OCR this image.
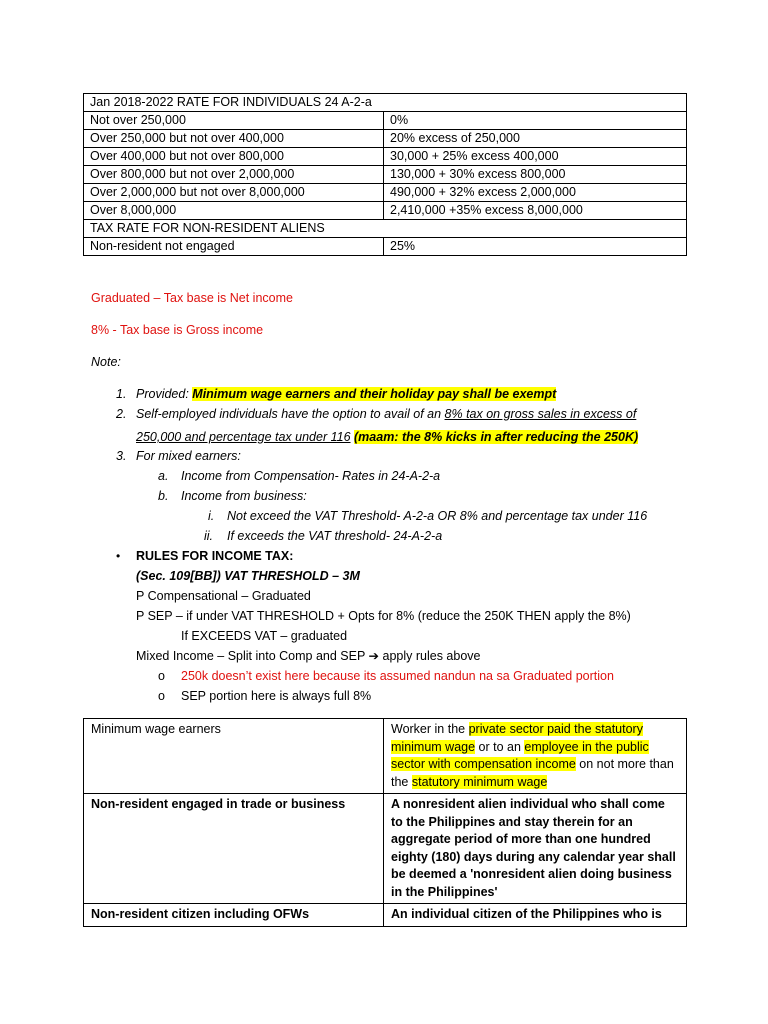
Jan 2018-2022 RATE FOR INDIVIDUALS 24 A-2-a	
Not over 250,000	0%
Over 250,000 but not over 400,000	20% excess of 250,000
Over 400,000 but not over 800,000	30,000 + 25% excess 400,000
Over 800,000 but not over 2,000,000	130,000 + 30% excess 800,000
Over 2,000,000 but not over 8,000,000	490,000 + 32% excess 2,000,000
Over 8,000,000	2,410,000 +35% excess 8,000,000
TAX RATE FOR NON-RESIDENT ALIENS	
Non-resident not engaged	25%
Graduated – Tax base is Net income
8% - Tax base is Gross income
Note:
1. Provided: Minimum wage earners and their holiday pay shall be exempt
2. Self-employed individuals have the option to avail of an 8% tax on gross sales in excess of
250,000 and percentage tax under 116 (maam: the 8% kicks in after reducing the 250K)
3. For mixed earners:
a. Income from Compensation- Rates in 24-A-2-a
b. Income from business:
i. Not exceed the VAT Threshold- A-2-a OR 8% and percentage tax under 116
ii. If exceeds the VAT threshold- 24-A-2-a
• RULES FOR INCOME TAX:
(Sec. 109[BB]) VAT THRESHOLD – 3M
P Compensational – Graduated
P SEP – if under VAT THRESHOLD + Opts for 8% (reduce the 250K THEN apply the 8%)
If EXCEEDS VAT – graduated
Mixed Income – Split into Comp and SEP ➔ apply rules above
o 250k doesn’t exist here because its assumed nandun na sa Graduated portion
o SEP portion here is always full 8%
Minimum wage earners	Worker in the private sector paid the statutory minimum wage or to an employee in the public sector with compensation income on not more than the statutory minimum wage
Non-resident engaged in trade or business	A nonresident alien individual who shall come to the Philippines and stay therein for an aggregate period of more than one hundred eighty (180) days during any calendar year shall be deemed a 'nonresident alien doing business in the Philippines'
Non-resident citizen including OFWs	An individual citizen of the Philippines who is
